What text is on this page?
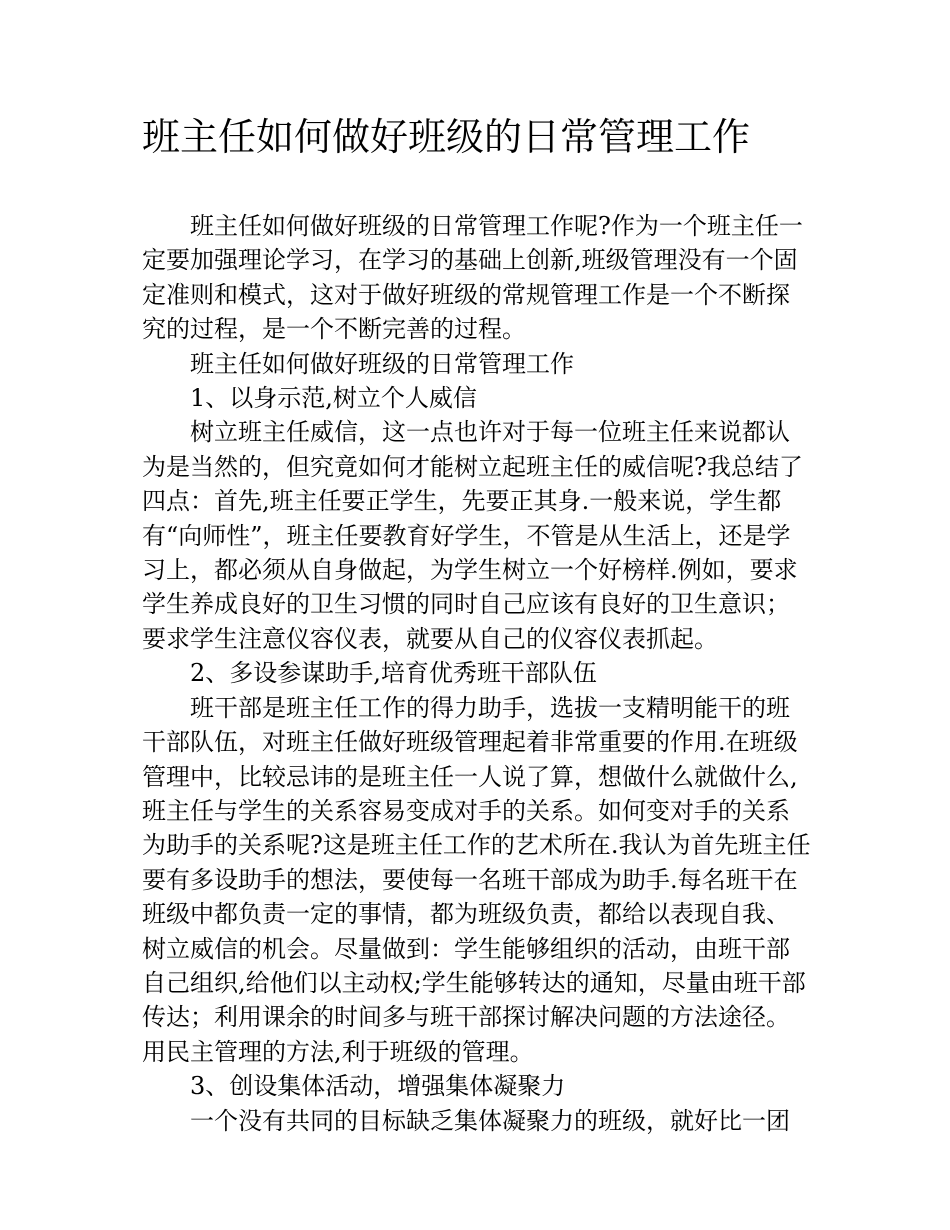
班主任如何做好班级的日常管理工作

班主任如何做好班级的日常管理工作呢?作为一个班主任一定要加强理论学习，在学习的基础上创新,班级管理没有一个固定准则和模式，这对于做好班级的常规管理工作是一个不断探究的过程，是一个不断完善的过程。

班主任如何做好班级的日常管理工作

1、以身示范,树立个人威信

树立班主任威信，这一点也许对于每一位班主任来说都认为是当然的，但究竟如何才能树立起班主任的威信呢?我总结了四点：首先,班主任要正学生，先要正其身.一般来说，学生都有“向师性”，班主任要教育好学生，不管是从生活上，还是学习上，都必须从自身做起，为学生树立一个好榜样.例如，要求学生养成良好的卫生习惯的同时自己应该有良好的卫生意识；要求学生注意仪容仪表，就要从自己的仪容仪表抓起。

2、多设参谋助手,培育优秀班干部队伍

班干部是班主任工作的得力助手，选拔一支精明能干的班干部队伍，对班主任做好班级管理起着非常重要的作用.在班级管理中，比较忌讳的是班主任一人说了算，想做什么就做什么,班主任与学生的关系容易变成对手的关系。如何变对手的关系为助手的关系呢?这是班主任工作的艺术所在.我认为首先班主任要有多设助手的想法，要使每一名班干部成为助手.每名班干在班级中都负责一定的事情，都为班级负责，都给以表现自我、树立威信的机会。尽量做到：学生能够组织的活动，由班干部自己组织,给他们以主动权;学生能够转达的通知，尽量由班干部传达；利用课余的时间多与班干部探讨解决问题的方法途径。用民主管理的方法,利于班级的管理。

3、创设集体活动，增强集体凝聚力

一个没有共同的目标缺乏集体凝聚力的班级，就好比一团
